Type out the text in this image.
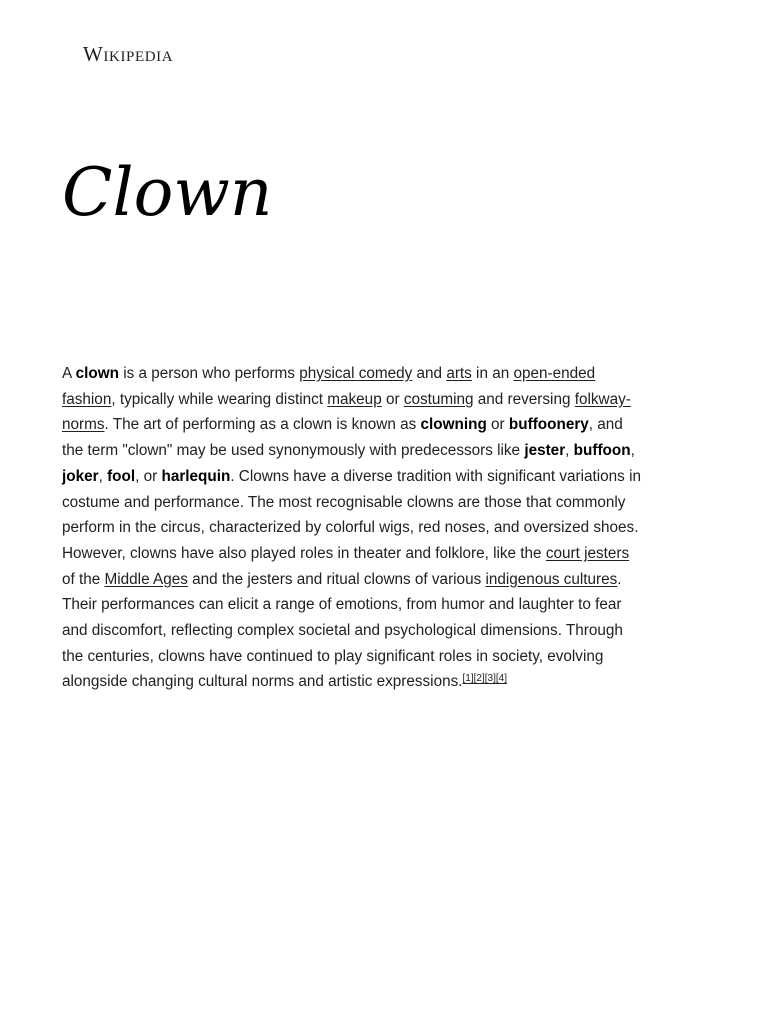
Wikipedia
Clown

A clown is a person who performs physical comedy and arts in an open-ended fashion, typically while wearing distinct makeup or costuming and reversing folkway-norms. The art of performing as a clown is known as clowning or buffoonery, and the term "clown" may be used synonymously with predecessors like jester, buffoon, joker, fool, or harlequin. Clowns have a diverse tradition with significant variations in costume and performance. The most recognisable clowns are those that commonly perform in the circus, characterized by colorful wigs, red noses, and oversized shoes. However, clowns have also played roles in theater and folklore, like the court jesters of the Middle Ages and the jesters and ritual clowns of various indigenous cultures. Their performances can elicit a range of emotions, from humor and laughter to fear and discomfort, reflecting complex societal and psychological dimensions. Through the centuries, clowns have continued to play significant roles in society, evolving alongside changing cultural norms and artistic expressions.[1][2][3][4]
